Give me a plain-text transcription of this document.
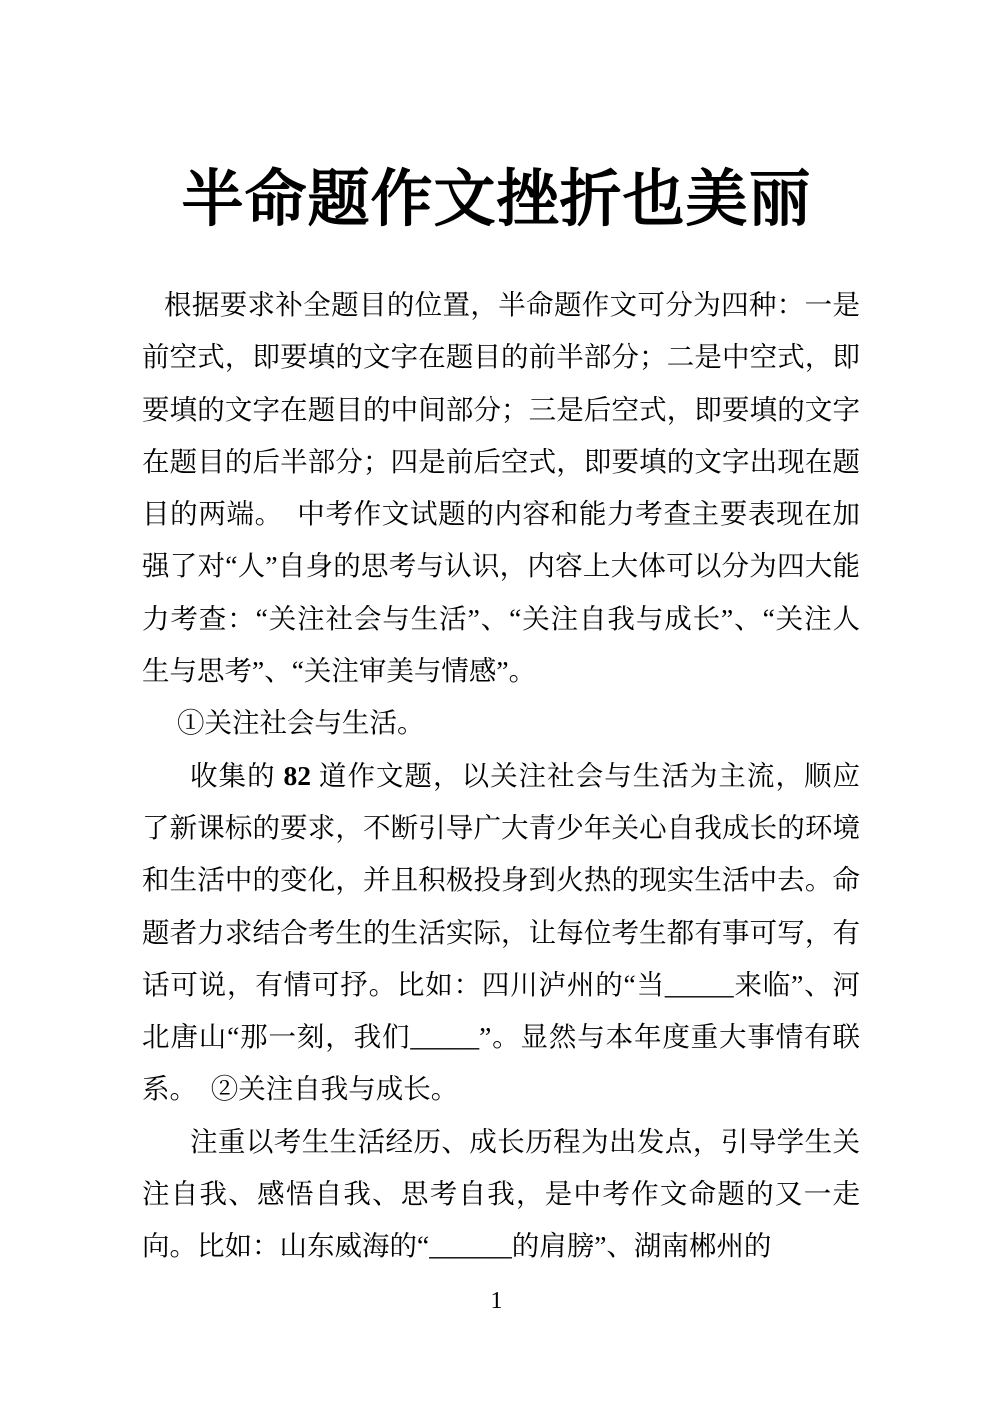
半命题作文挫折也美丽

根据要求补全题目的位置，半命题作文可分为四种：一是前空式，即要填的文字在题目的前半部分；二是中空式，即要填的文字在题目的中间部分；三是后空式，即要填的文字在题目的后半部分；四是前后空式，即要填的文字出现在题目的两端。　中考作文试题的内容和能力考查主要表现在加强了对“人”自身的思考与认识，内容上大体可以分为四大能力考查：“关注社会与生活”、“关注自我与成长”、“关注人生与思考”、“关注审美与情感”。

①关注社会与生活。

收集的 82 道作文题，以关注社会与生活为主流，顺应了新课标的要求，不断引导广大青少年关心自我成长的环境和生活中的变化，并且积极投身到火热的现实生活中去。命题者力求结合考生的生活实际，让每位考生都有事可写，有话可说，有情可抒。比如：四川泸州的“当_____来临”、河北唐山“那一刻，我们_____”。显然与本年度重大事情有联系。　②关注自我与成长。

注重以考生生活经历、成长历程为出发点，引导学生关注自我、感悟自我、思考自我，是中考作文命题的又一走向。比如：山东威海的“______的肩膀”、湖南郴州的

1
